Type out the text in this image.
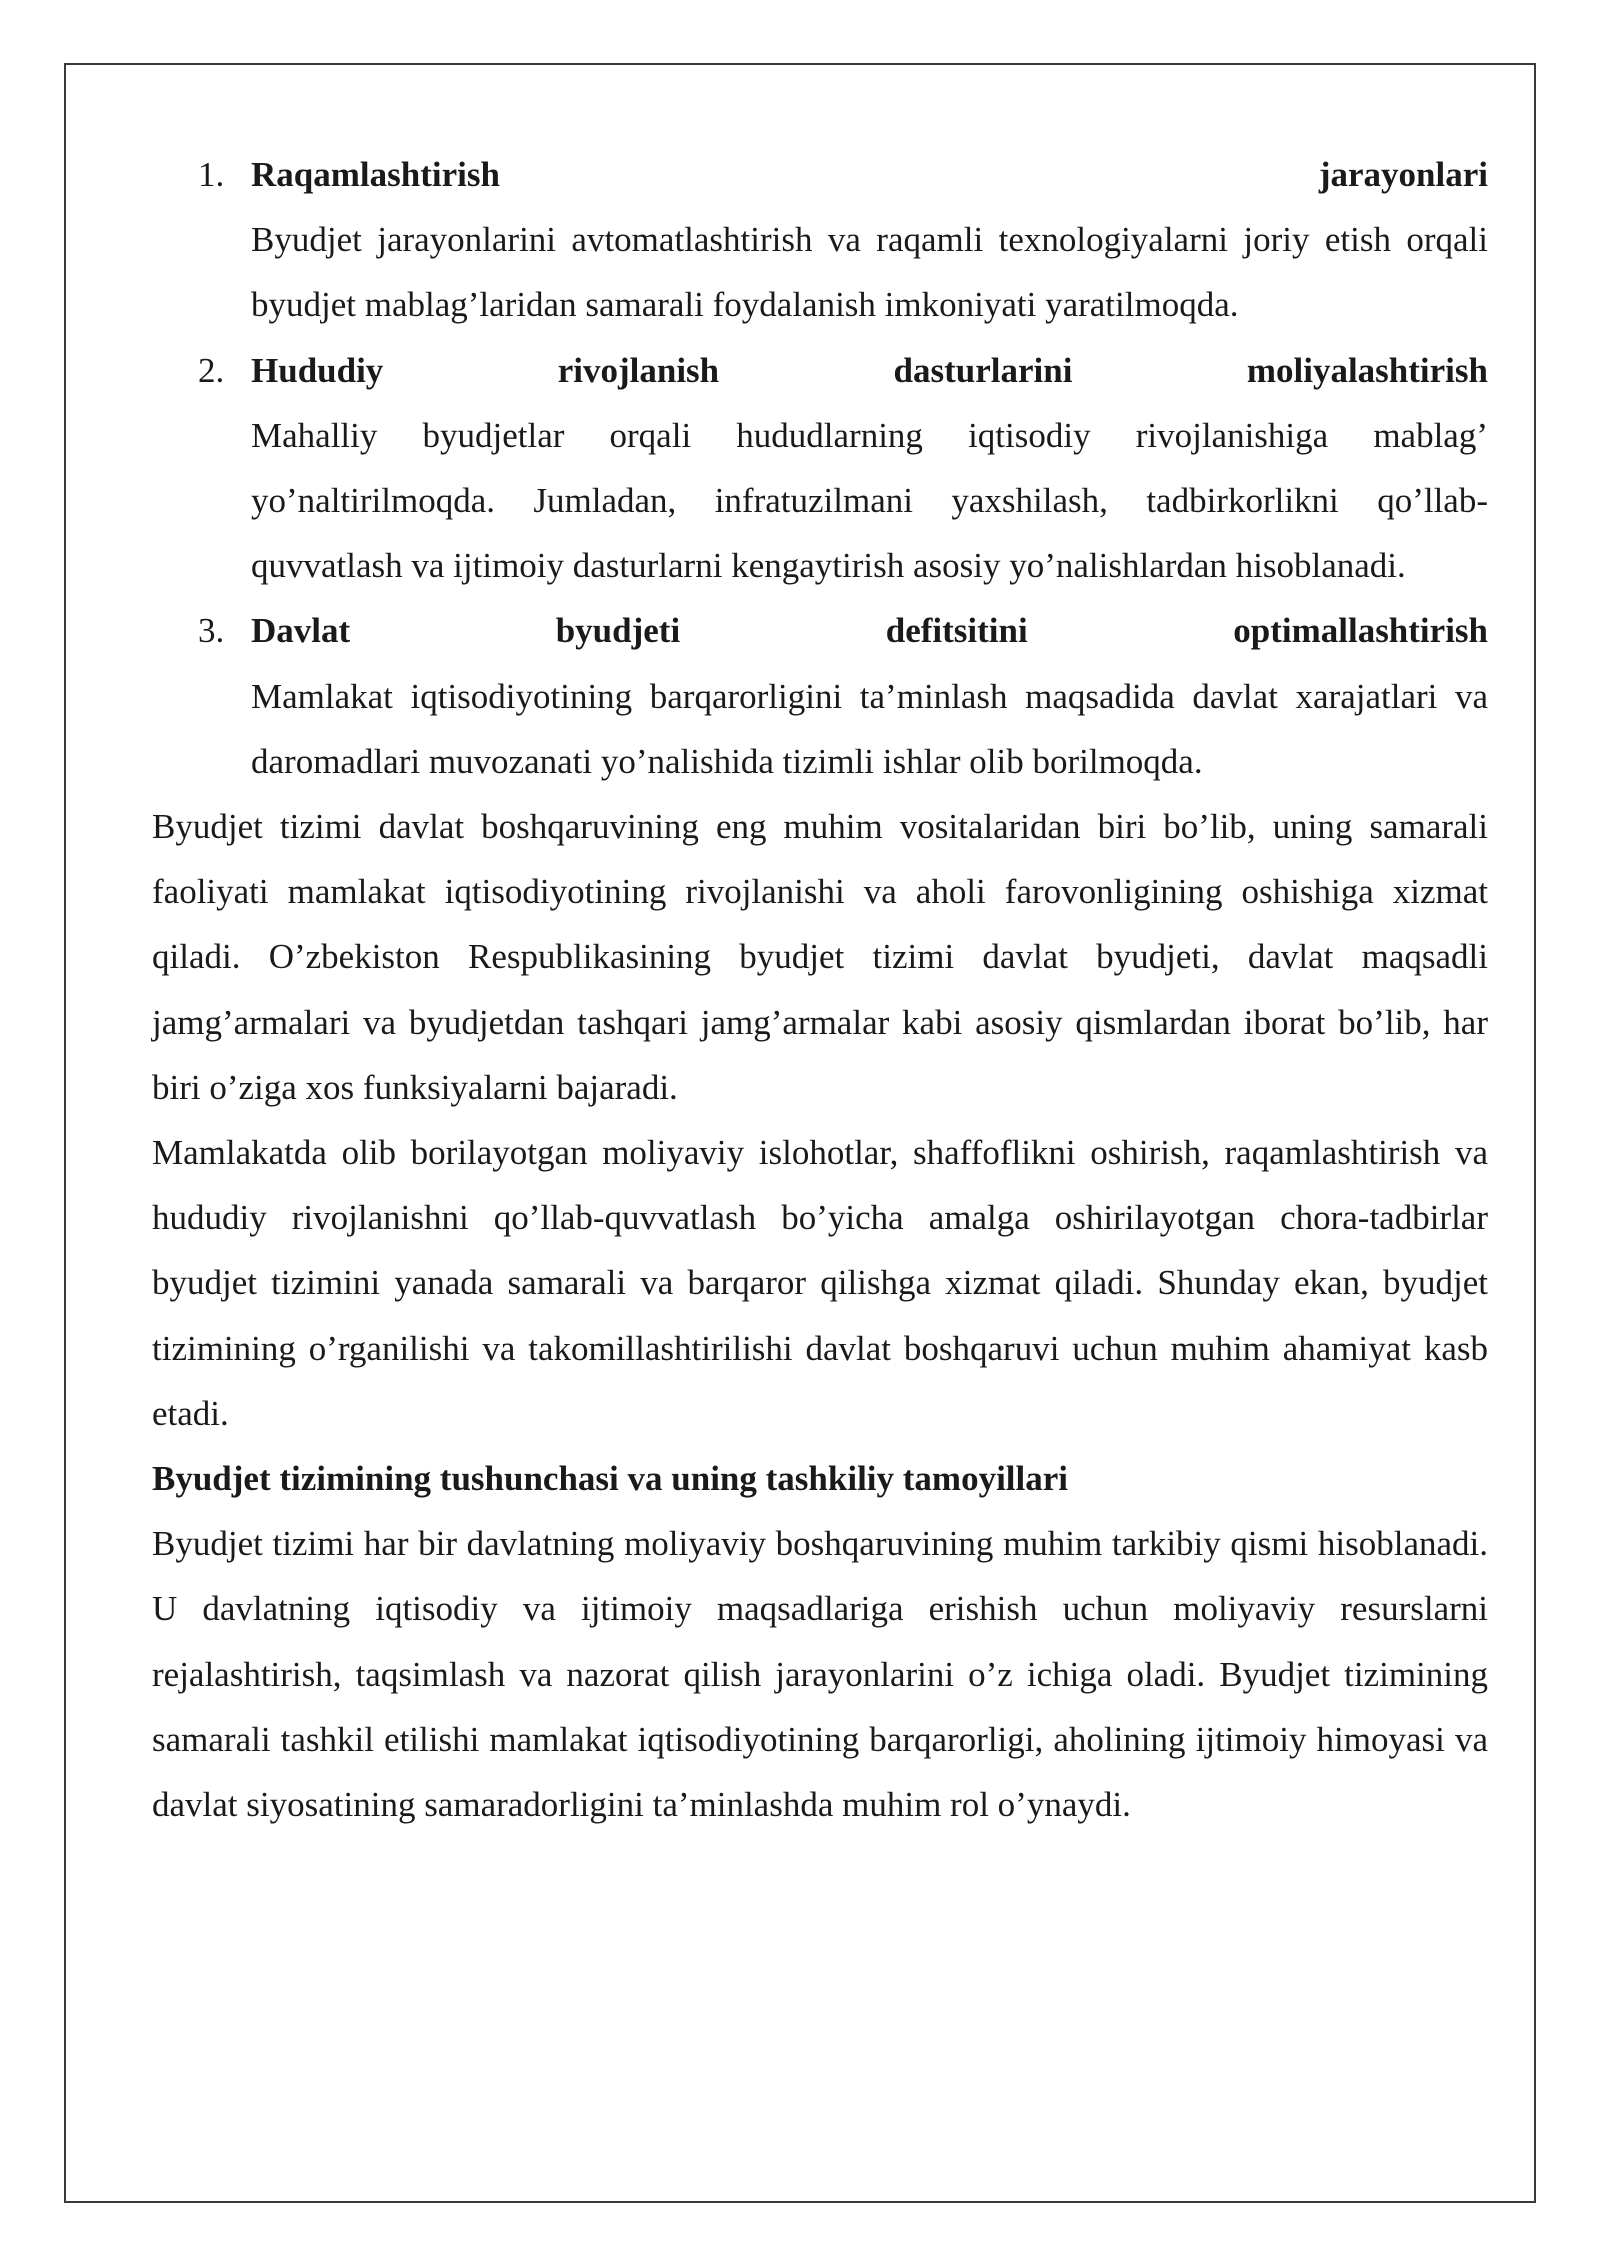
1. Raqamlashtirish jarayonlari
Byudjet jarayonlarini avtomatlashtirish va raqamli texnologiyalarni joriy etish orqali byudjet mablag’laridan samarali foydalanish imkoniyati yaratilmoqda.
2. Hududiy rivojlanish dasturlarini moliyalashtirish
Mahalliy byudjetlar orqali hududlarning iqtisodiy rivojlanishiga mablag’ yo’naltirilmoqda. Jumladan, infratuzilmani yaxshilash, tadbirkorlikni qo’llab-quvvatlash va ijtimoiy dasturlarni kengaytirish asosiy yo’nalishlardan hisoblanadi.
3. Davlat byudjeti defitsitini optimallashtirish
Mamlakat iqtisodiyotining barqarorligini ta’minlash maqsadida davlat xarajatlari va daromadlari muvozanati yo’nalishida tizimli ishlar olib borilmoqda.
Byudjet tizimi davlat boshqaruvining eng muhim vositalaridan biri bo’lib, uning samarali faoliyati mamlakat iqtisodiyotining rivojlanishi va aholi farovonligining oshishiga xizmat qiladi. O’zbekiston Respublikasining byudjet tizimi davlat byudjeti, davlat maqsadli jamg’armalari va byudjetdan tashqari jamg’armalar kabi asosiy qismlardan iborat bo’lib, har biri o’ziga xos funksiyalarni bajaradi.
Mamlakatda olib borilayotgan moliyaviy islohotlar, shaffoflikni oshirish, raqamlashtirish va hududiy rivojlanishni qo’llab-quvvatlash bo’yicha amalga oshirilayotgan chora-tadbirlar byudjet tizimini yanada samarali va barqaror qilishga xizmat qiladi. Shunday ekan, byudjet tizimining o’rganilishi va takomillashtirilishi davlat boshqaruvi uchun muhim ahamiyat kasb etadi.
Byudjet tizimining tushunchasi va uning tashkiliy tamoyillari
Byudjet tizimi har bir davlatning moliyaviy boshqaruvining muhim tarkibiy qismi hisoblanadi. U davlatning iqtisodiy va ijtimoiy maqsadlariga erishish uchun moliyaviy resurslarni rejalashtirish, taqsimlash va nazorat qilish jarayonlarini o’z ichiga oladi. Byudjet tizimining samarali tashkil etilishi mamlakat iqtisodiyotining barqarorligi, aholining ijtimoiy himoyasi va davlat siyosatining samaradorligini ta’minlashda muhim rol o’ynaydi.
